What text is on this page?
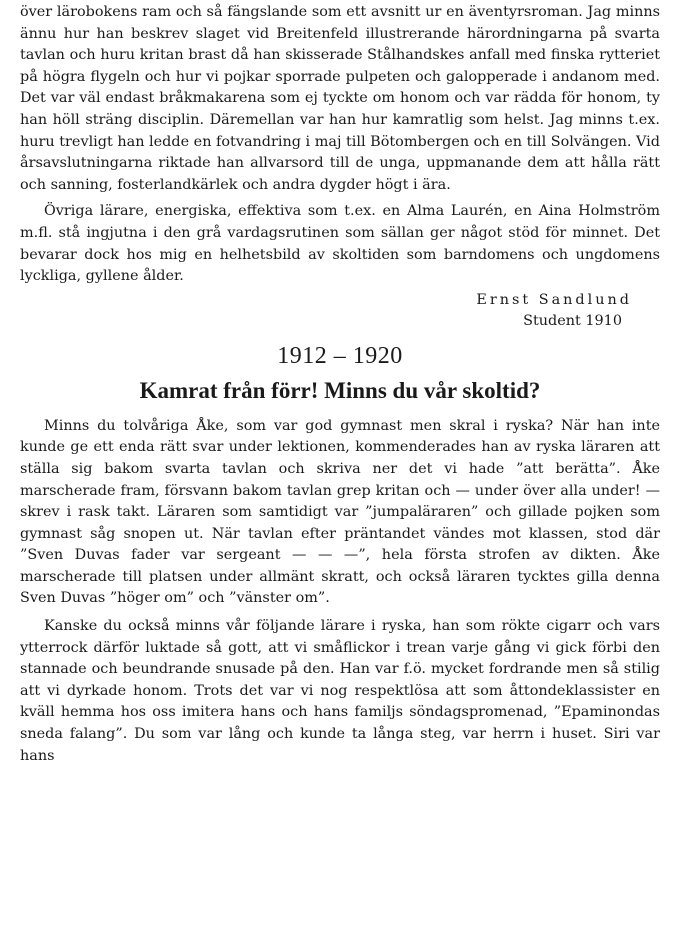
över lärobokens ram och så fängslande som ett avsnitt ur en äventyrsroman. Jag minns ännu hur han beskrev slaget vid Breitenfeld illustrerande härordningarna på svarta tavlan och huru kritan brast då han skisserade Stålhandskes anfall med finska rytteriet på högra flygeln och hur vi pojkar sporrade pulpeten och galopperade i andanom med. Det var väl endast bråkmakarena som ej tyckte om honom och var rädda för honom, ty han höll sträng disciplin. Däremellan var han hur kamratlig som helst. Jag minns t.ex. huru trevligt han ledde en fotvandring i maj till Bötombergen och en till Solvängen. Vid årsavslutningarna riktade han allvarsord till de unga, uppmanande dem att hålla rätt och sanning, fosterlandkärlek och andra dygder högt i ära.

Övriga lärare, energiska, effektiva som t.ex. en Alma Laurén, en Aina Holmström m.fl. stå ingjutna i den grå vardagsrutinen som sällan ger något stöd för minnet. Det bevarar dock hos mig en helhetsbild av skoltiden som barndomens och ungdomens lyckliga, gyllene ålder.

Ernst Sandlund
Student 1910
1912 – 1920
Kamrat från förr! Minns du vår skoltid?

Minns du tolvåriga Åke, som var god gymnast men skral i ryska? När han inte kunde ge ett enda rätt svar under lektionen, kommenderades han av ryska läraren att ställa sig bakom svarta tavlan och skriva ner det vi hade ”att berätta”. Åke marscherade fram, försvann bakom tavlan grep kritan och — under över alla under! — skrev i rask takt. Läraren som samtidigt var ”jumpaläraren” och gillade pojken som gymnast såg snopen ut. När tavlan efter präntandet vändes mot klassen, stod där ”Sven Duvas fader var sergeant — — —”, hela första strofen av dikten. Åke marscherade till platsen under allmänt skratt, och också läraren tycktes gilla denna Sven Duvas ”höger om” och ”vänster om”.

Kanske du också minns vår följande lärare i ryska, han som rökte cigarr och vars ytterrock därför luktade så gott, att vi småflickor i trean varje gång vi gick förbi den stannade och beundrande snusade på den. Han var f.ö. mycket fordrande men så stilig att vi dyrkade honom. Trots det var vi nog respektlösa att som åttondeklassister en kväll hemma hos oss imitera hans och hans familjs söndagspromenad, ”Epaminondas sneda falang”. Du som var lång och kunde ta långa steg, var herrn i huset. Siri var hans
